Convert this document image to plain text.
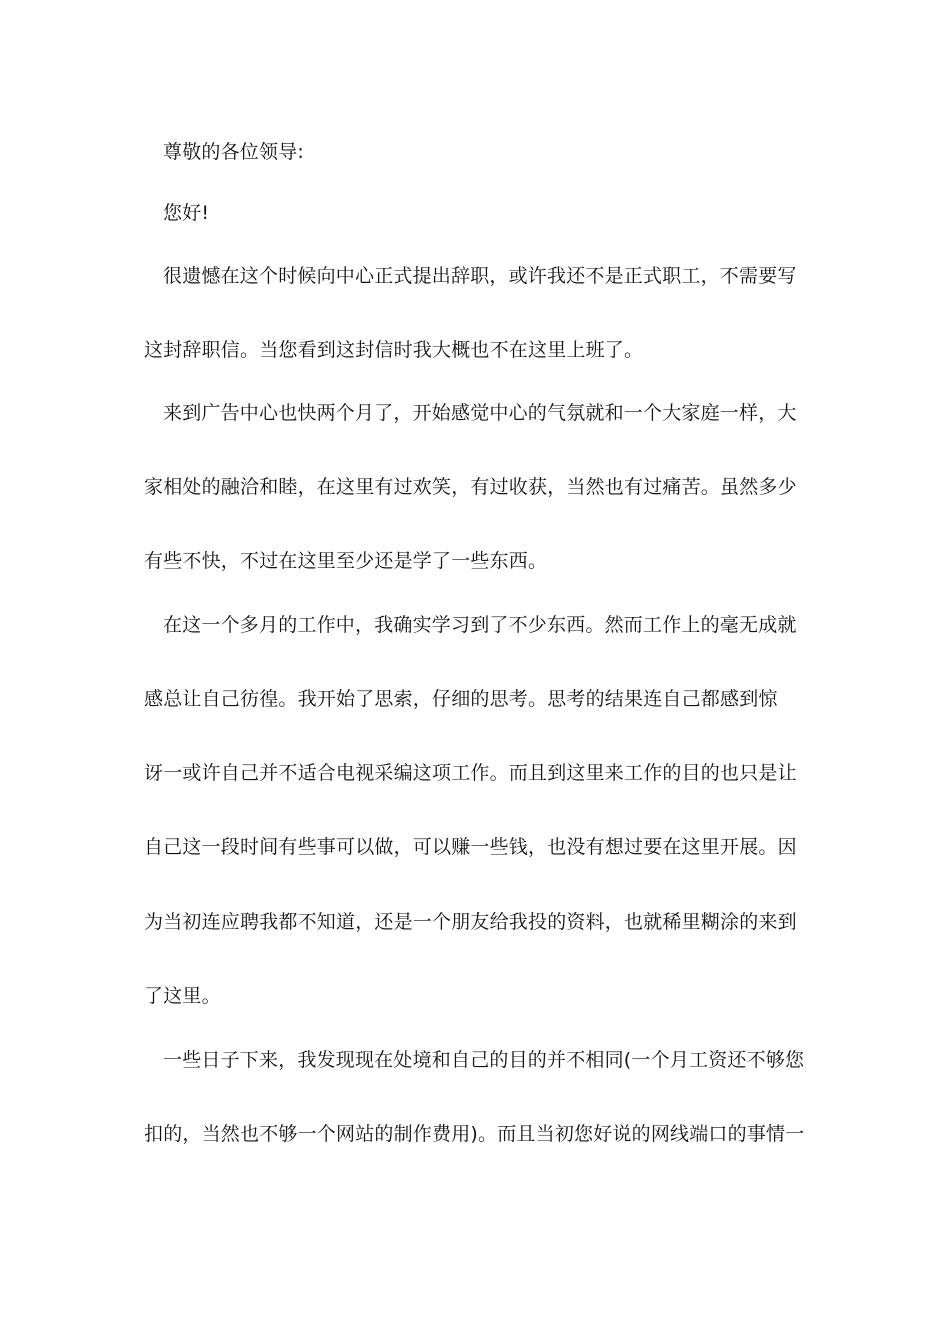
尊敬的各位领导:
您好!
很遗憾在这个时候向中心正式提出辞职，或许我还不是正式职工，不需要写
这封辞职信。当您看到这封信时我大概也不在这里上班了。
来到广告中心也快两个月了，开始感觉中心的气氛就和一个大家庭一样，大
家相处的融洽和睦，在这里有过欢笑，有过收获，当然也有过痛苦。虽然多少
有些不快，不过在这里至少还是学了一些东西。
在这一个多月的工作中，我确实学习到了不少东西。然而工作上的毫无成就
感总让自己彷徨。我开始了思索，仔细的思考。思考的结果连自己都感到惊
讶一或许自己并不适合电视采编这项工作。而且到这里来工作的目的也只是让
自己这一段时间有些事可以做，可以赚一些钱，也没有想过要在这里开展。因
为当初连应聘我都不知道，还是一个朋友给我投的资料，也就稀里糊涂的来到
了这里。
一些日子下来，我发现现在处境和自己的目的并不相同(一个月工资还不够您
扣的，当然也不够一个网站的制作费用)。而且当初您好说的网线端口的事情一
